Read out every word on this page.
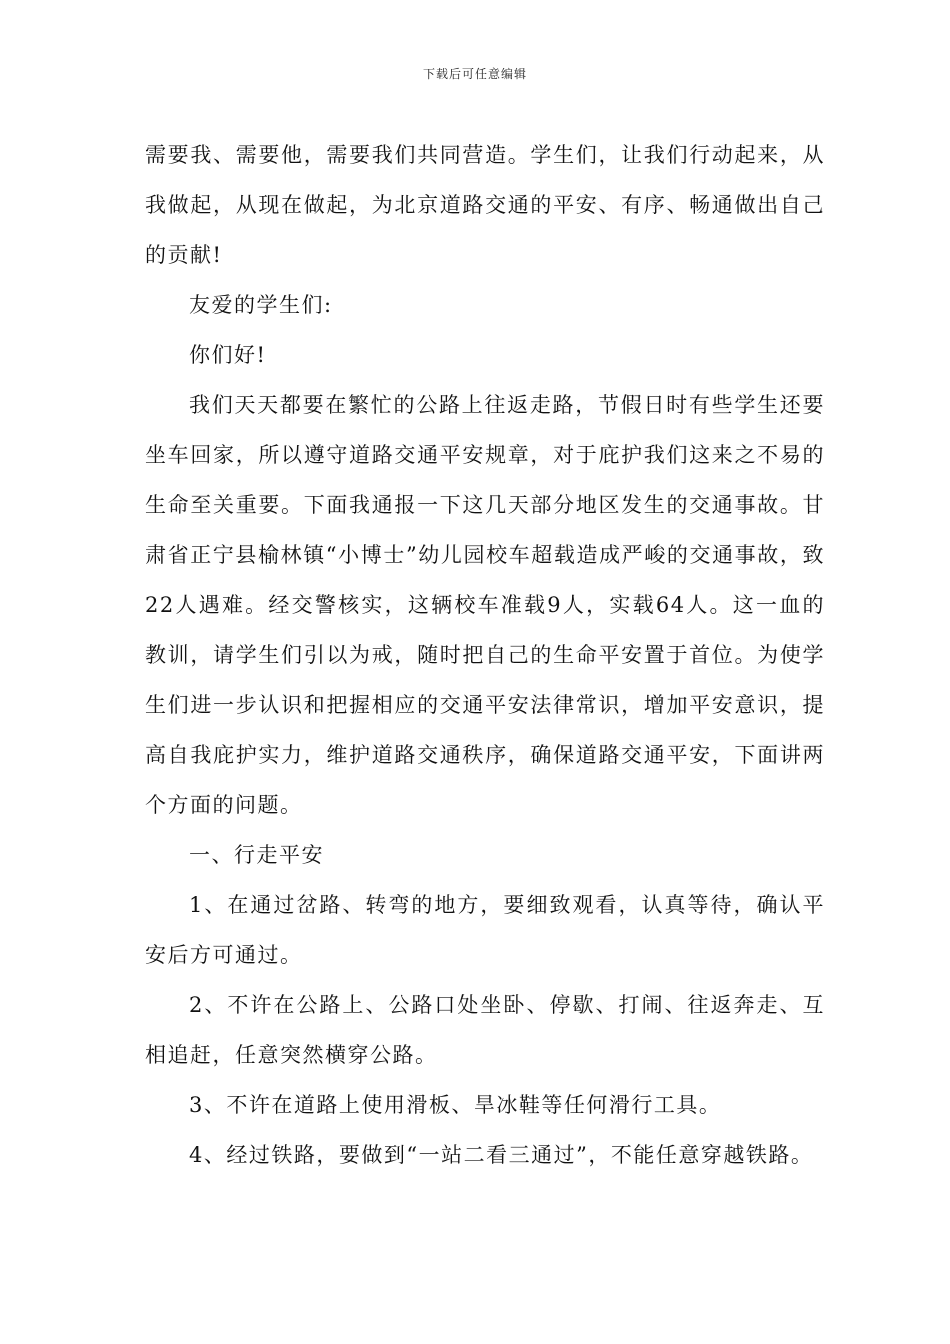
下载后可任意编辑

需要我、需要他，需要我们共同营造。学生们，让我们行动起来，从我做起，从现在做起，为北京道路交通的平安、有序、畅通做出自己的贡献!

友爱的学生们:

你们好!

我们天天都要在繁忙的公路上往返走路，节假日时有些学生还要坐车回家，所以遵守道路交通平安规章，对于庇护我们这来之不易的生命至关重要。下面我通报一下这几天部分地区发生的交通事故。甘肃省正宁县榆林镇“小博士”幼儿园校车超载造成严峻的交通事故，致22人遇难。经交警核实，这辆校车准载9人，实载64人。这一血的教训，请学生们引以为戒，随时把自己的生命平安置于首位。为使学生们进一步认识和把握相应的交通平安法律常识，增加平安意识，提高自我庇护实力，维护道路交通秩序，确保道路交通平安，下面讲两个方面的问题。

一、行走平安

1、在通过岔路、转弯的地方，要细致观看，认真等待，确认平安后方可通过。

2、不许在公路上、公路口处坐卧、停歇、打闹、往返奔走、互相追赶，任意突然横穿公路。

3、不许在道路上使用滑板、旱冰鞋等任何滑行工具。

4、经过铁路，要做到“一站二看三通过”，不能任意穿越铁路。
